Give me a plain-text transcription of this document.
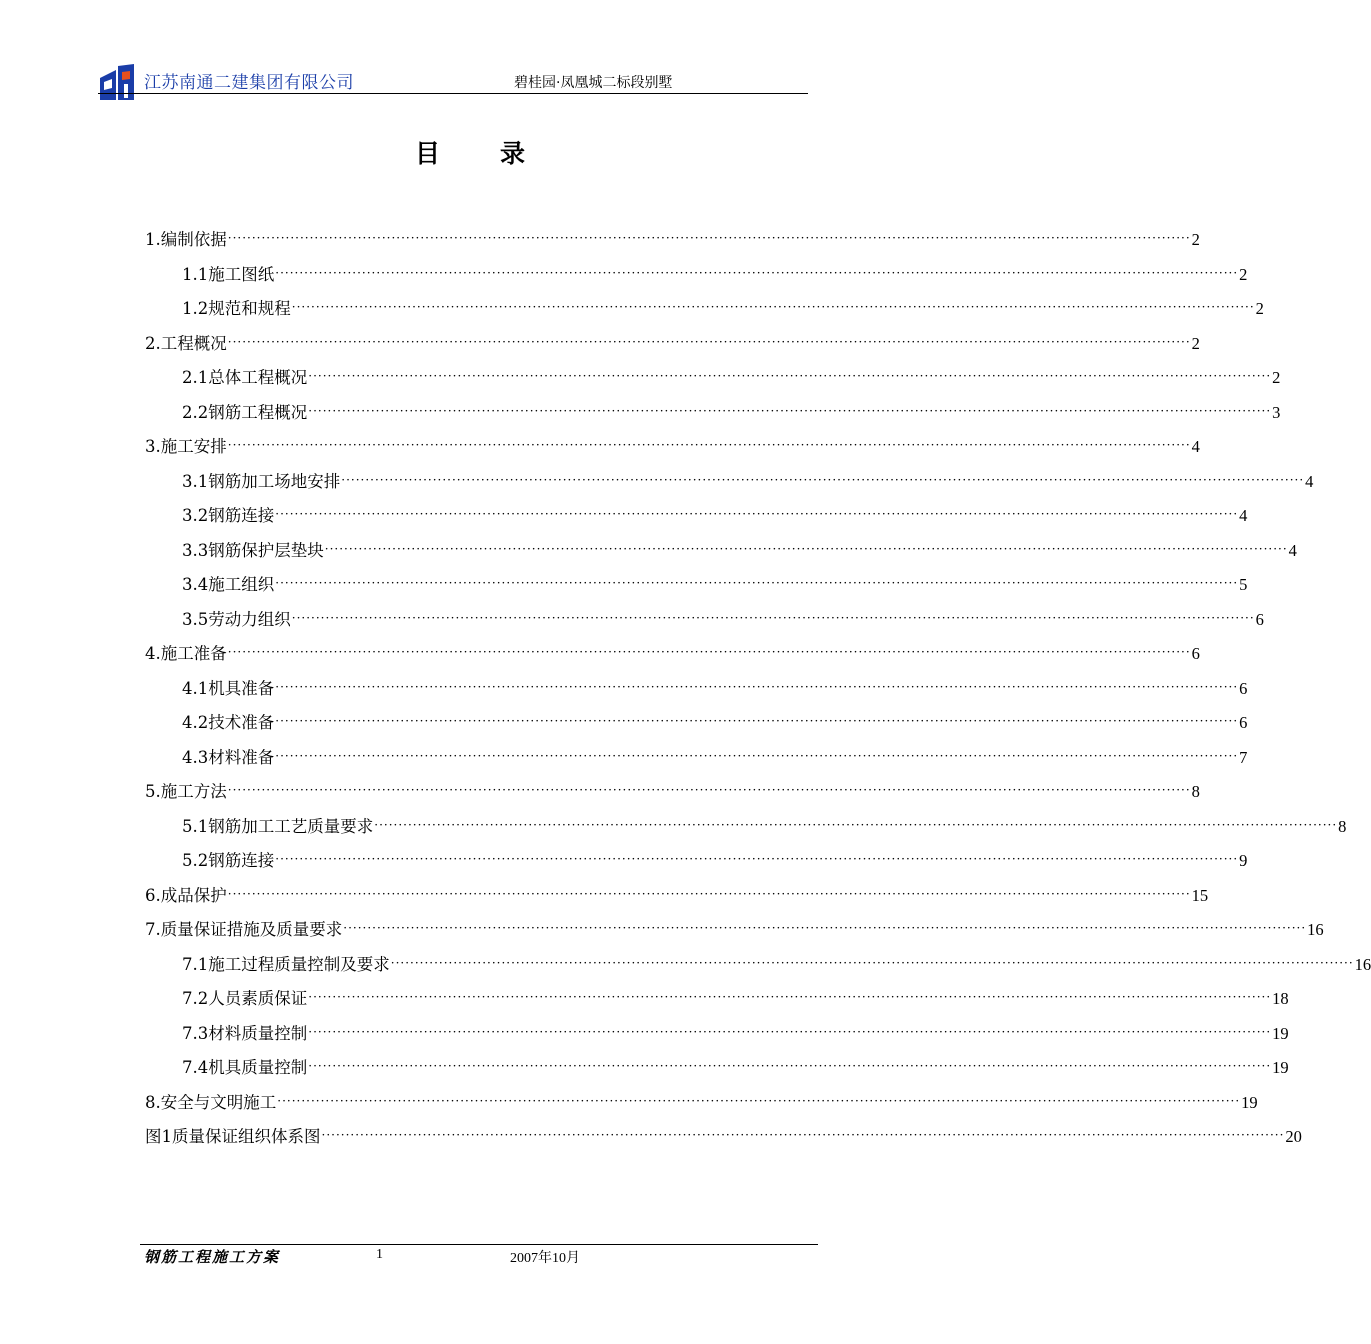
江苏南通二建集团有限公司	碧桂园·凤凰城二标段别墅
目录
1.编制依据 ········································································································································································································ 2
1.1施工图纸 ········································································································································································································ 2
1.2规范和规程 ········································································································································································································ 2
2.工程概况 ········································································································································································································ 2
2.1总体工程概况 ········································································································································································································ 2
2.2钢筋工程概况 ········································································································································································································ 3
3.施工安排 ········································································································································································································ 4
3.1钢筋加工场地安排 ········································································································································································································ 4
3.2钢筋连接 ········································································································································································································ 4
3.3钢筋保护层垫块 ········································································································································································································ 4
3.4施工组织 ········································································································································································································ 5
3.5劳动力组织 ········································································································································································································ 6
4.施工准备 ········································································································································································································ 6
4.1机具准备 ········································································································································································································ 6
4.2技术准备 ········································································································································································································ 6
4.3材料准备 ········································································································································································································ 7
5.施工方法 ········································································································································································································ 8
5.1钢筋加工工艺质量要求 ········································································································································································································ 8
5.2钢筋连接 ········································································································································································································ 9
6.成品保护 ········································································································································································································ 15
7.质量保证措施及质量要求 ········································································································································································································ 16
7.1施工过程质量控制及要求 ········································································································································································································ 16
7.2人员素质保证 ········································································································································································································ 18
7.3材料质量控制 ········································································································································································································ 19
7.4机具质量控制 ········································································································································································································ 19
8.安全与文明施工 ········································································································································································································ 19
图1质量保证组织体系图 ········································································································································································································ 20
钢筋工程施工方案	1	2007年10月
